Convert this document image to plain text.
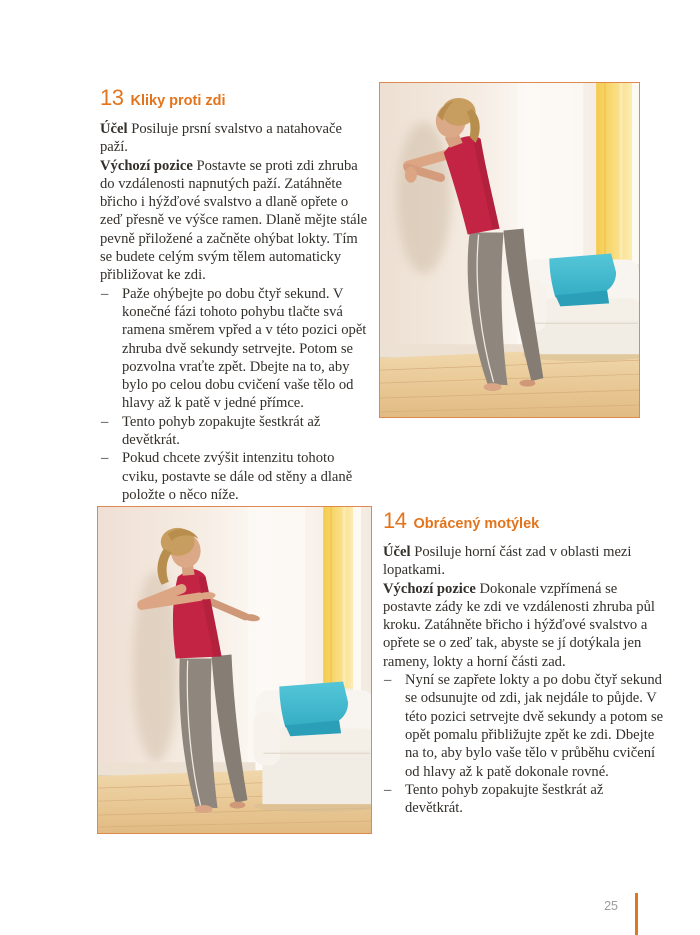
13 Kliky proti zdi

Účel Posiluje prsní svalstvo a natahovače paží.

Výchozí pozice Postavte se proti zdi zhruba do vzdálenosti napnutých paží. Zatáhněte břicho i hýžďové svalstvo a dlaně opřete o zeď přesně ve výšce ramen. Dlaně mějte stále pevně přiložené a začněte ohýbat lokty. Tím se budete celým svým tělem automaticky přibližovat ke zdi.

– Paže ohýbejte po dobu čtyř sekund. V konečné fázi tohoto pohybu tlačte svá ramena směrem vpřed a v této pozici opět zhruba dvě sekundy setrvejte. Potom se pozvolna vraťte zpět. Dbejte na to, aby bylo po celou dobu cvičení vaše tělo od hlavy až k patě v jedné přímce.
– Tento pohyb zopakujte šestkrát až devětkrát.
– Pokud chcete zvýšit intenzitu tohoto cviku, postavte se dále od stěny a dlaně položte o něco níže.
14 Obrácený motýlek

Účel Posiluje horní část zad v oblasti mezi lopatkami.

Výchozí pozice Dokonale vzpřímená se postavte zády ke zdi ve vzdálenosti zhruba půl kroku. Zatáhněte břicho i hýžďové svalstvo a opřete se o zeď tak, abyste se jí dotýkala jen rameny, lokty a horní části zad.

– Nyní se zapřete lokty a po dobu čtyř sekund se odsunujte od zdi, jak nejdále to půjde. V této pozici setrvejte dvě sekundy a potom se opět pomalu přibližujte zpět ke zdi. Dbejte na to, aby bylo vaše tělo v průběhu cvičení od hlavy až k patě dokonale rovné.
– Tento pohyb zopakujte šestkrát až devětkrát.
25
